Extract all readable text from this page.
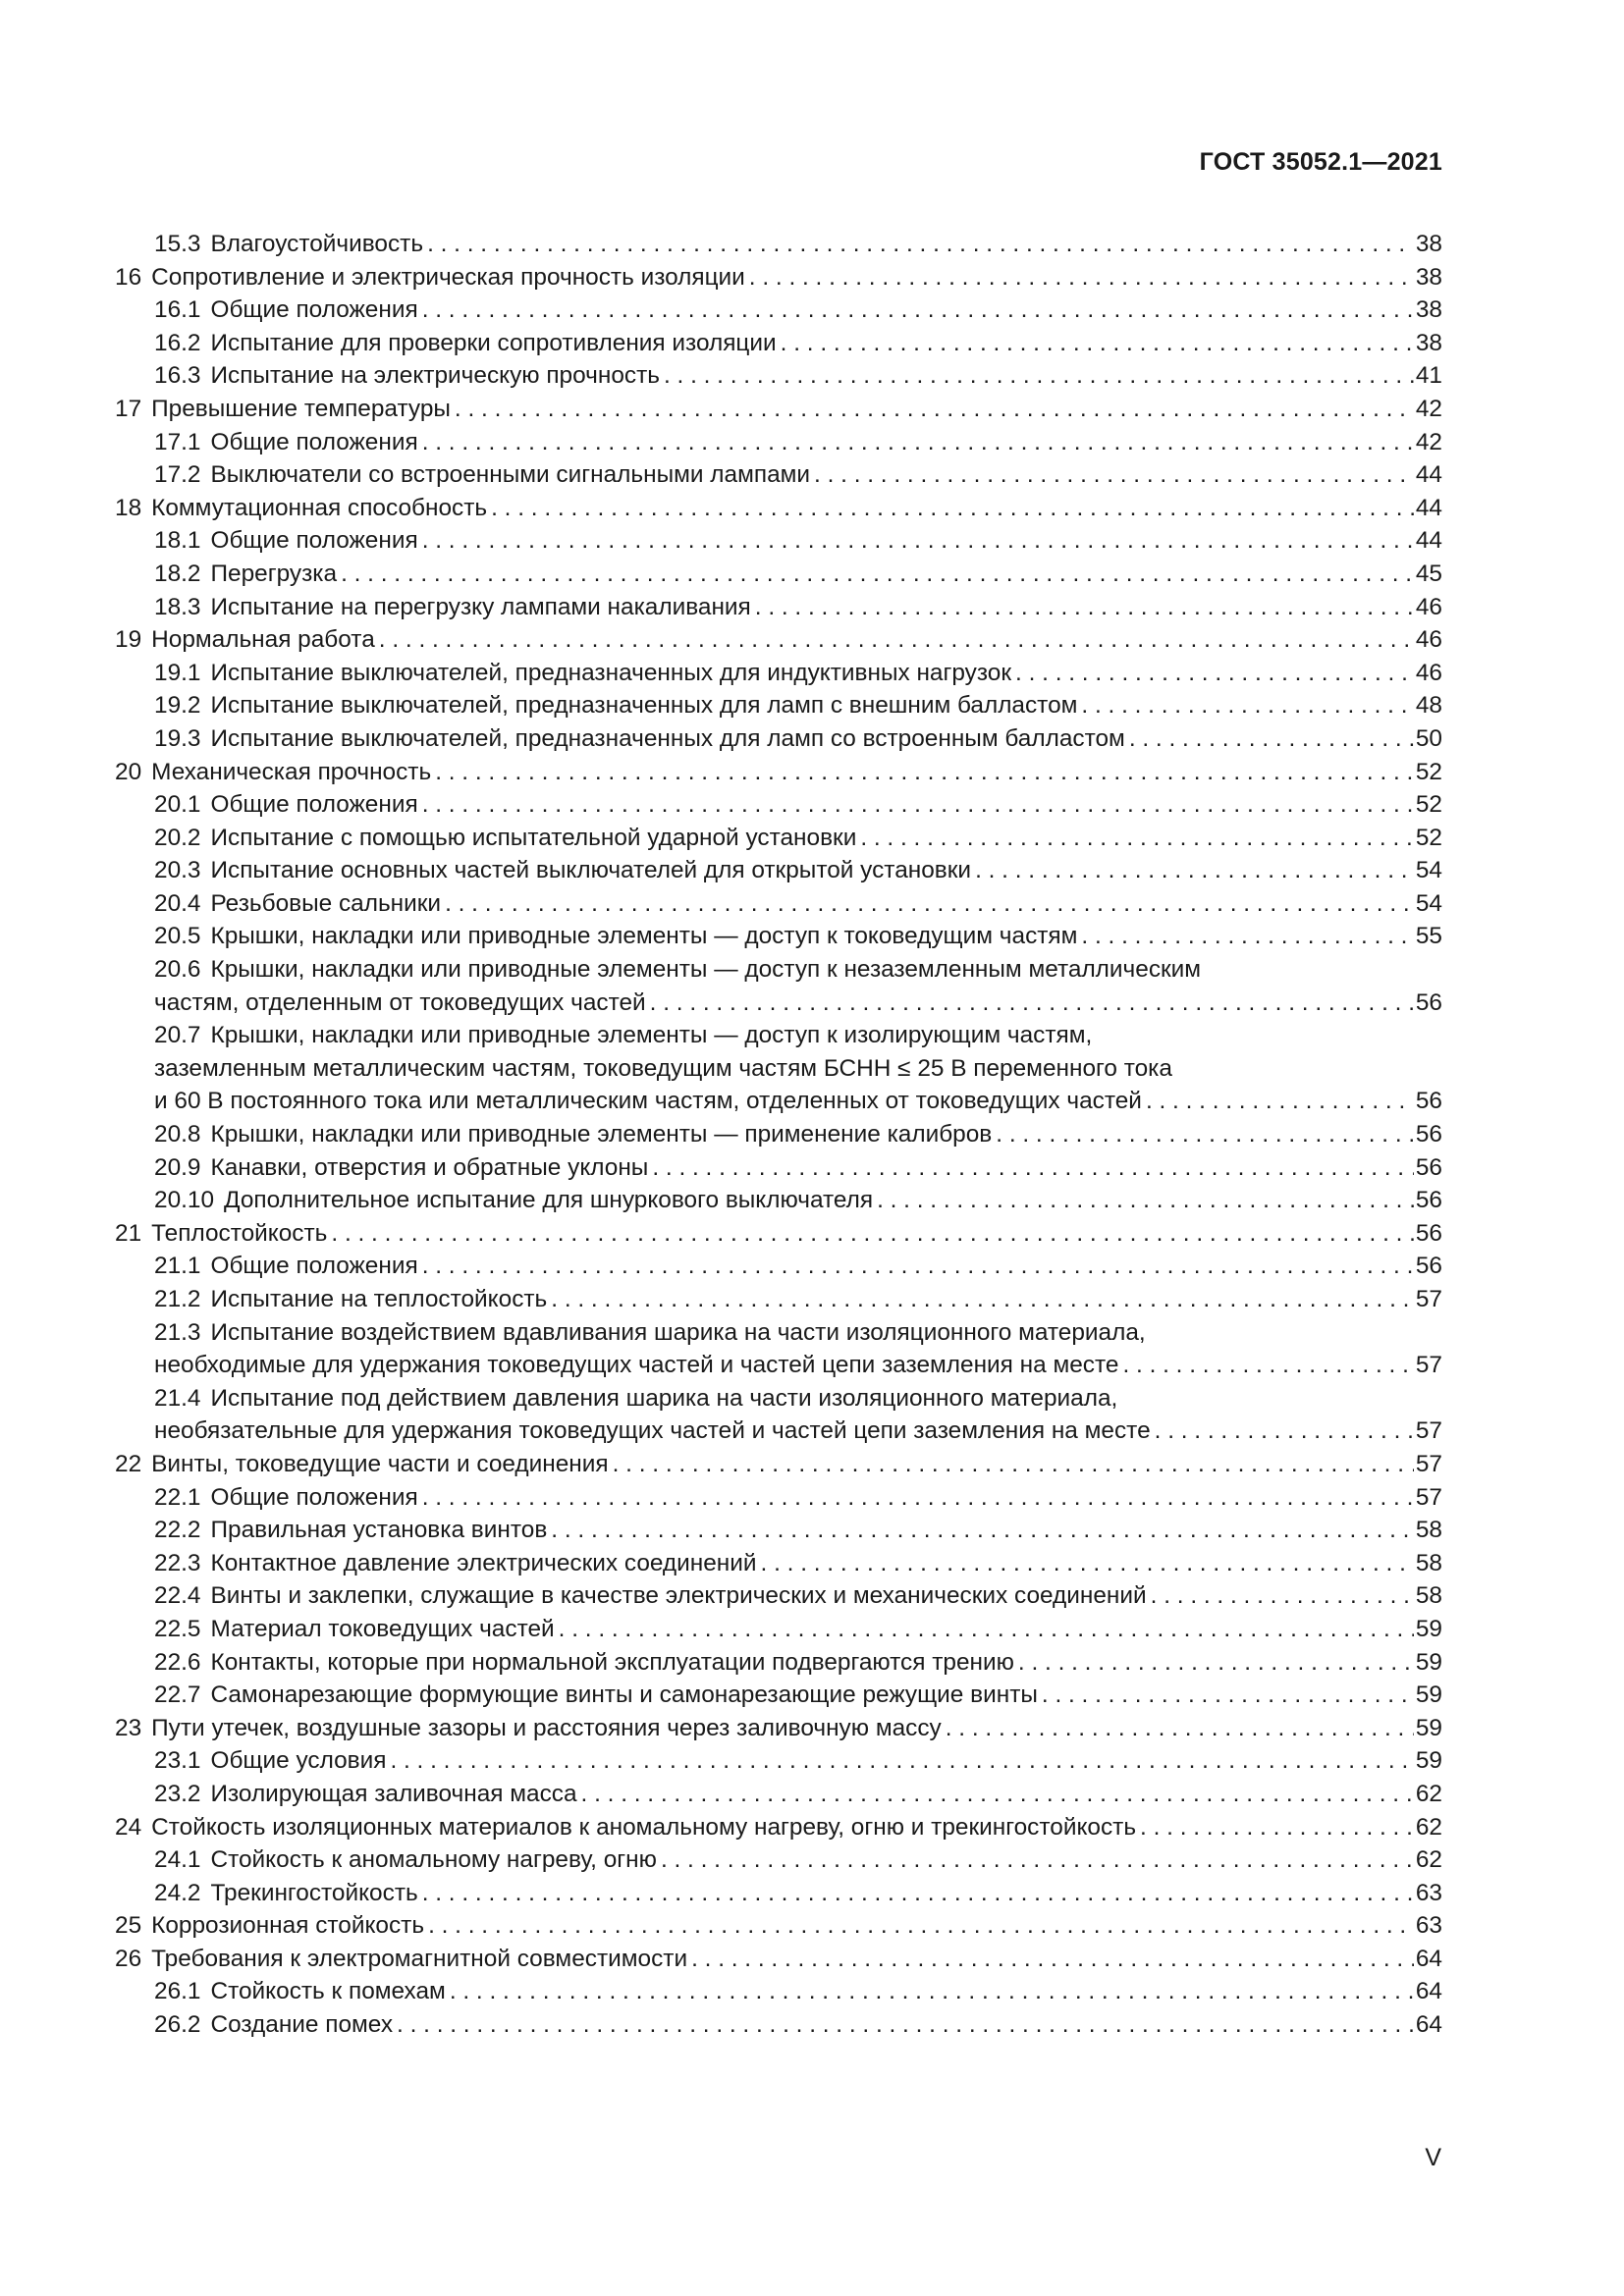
ГОСТ 35052.1—2021
15.3 Влагоустойчивость . . .	38
16 Сопротивление и электрическая прочность изоляции . . .	38
16.1 Общие положения . . .	38
16.2 Испытание для проверки сопротивления изоляции . . .	38
16.3 Испытание на электрическую прочность . . .	41
17 Превышение температуры . . .	42
17.1 Общие положения . . .	42
17.2 Выключатели со встроенными сигнальными лампами . . .	44
18 Коммутационная способность . . .	44
18.1 Общие положения . . .	44
18.2 Перегрузка . . .	45
18.3 Испытание на перегрузку лампами накаливания . . .	46
19 Нормальная работа . . .	46
19.1 Испытание выключателей, предназначенных для индуктивных нагрузок . . .	46
19.2 Испытание выключателей, предназначенных для ламп с внешним балластом . . .	48
19.3 Испытание выключателей, предназначенных для ламп со встроенным балластом . . .	50
20 Механическая прочность . . .	52
20.1 Общие положения . . .	52
20.2 Испытание с помощью испытательной ударной установки . . .	52
20.3 Испытание основных частей выключателей для открытой установки . . .	54
20.4 Резьбовые сальники . . .	54
20.5 Крышки, накладки или приводные элементы — доступ к токоведущим частям . . .	55
20.6 Крышки, накладки или приводные элементы — доступ к незаземленным металлическим
частям, отделенным от токоведущих частей . . .	56
20.7 Крышки, накладки или приводные элементы — доступ к изолирующим частям,
заземленным металлическим частям, токоведущим частям БСНН ≤ 25 В переменного тока
и 60 В постоянного тока или металлическим частям, отделенных от токоведущих частей . . .	56
20.8 Крышки, накладки или приводные элементы — применение калибров . . .	56
20.9 Канавки, отверстия и обратные уклоны . . .	56
20.10 Дополнительное испытание для шнуркового выключателя . . .	56
21 Теплостойкость . . .	56
21.1 Общие положения . . .	56
21.2 Испытание на теплостойкость . . .	57
21.3 Испытание воздействием вдавливания шарика на части изоляционного материала,
необходимые для удержания токоведущих частей и частей цепи заземления на месте . . .	57
21.4 Испытание под действием давления шарика на части изоляционного материала,
необязательные для удержания токоведущих частей и частей цепи заземления на месте . . .	57
22 Винты, токоведущие части и соединения . . .	57
22.1 Общие положения . . .	57
22.2 Правильная установка винтов . . .	58
22.3 Контактное давление электрических соединений . . .	58
22.4 Винты и заклепки, служащие в качестве электрических и механических соединений . . .	58
22.5 Материал токоведущих частей . . .	59
22.6 Контакты, которые при нормальной эксплуатации подвергаются трению . . .	59
22.7 Самонарезающие формующие винты и самонарезающие режущие винты . . .	59
23 Пути утечек, воздушные зазоры и расстояния через заливочную массу . . .	59
23.1 Общие условия . . .	59
23.2 Изолирующая заливочная масса . . .	62
24 Стойкость изоляционных материалов к аномальному нагреву, огню и трекингостойкость . . .	62
24.1 Стойкость к аномальному нагреву, огню . . .	62
24.2 Трекингостойкость . . .	63
25 Коррозионная стойкость . . .	63
26 Требования к электромагнитной совместимости . . .	64
26.1 Стойкость к помехам . . .	64
26.2 Создание помех . . .	64
V
